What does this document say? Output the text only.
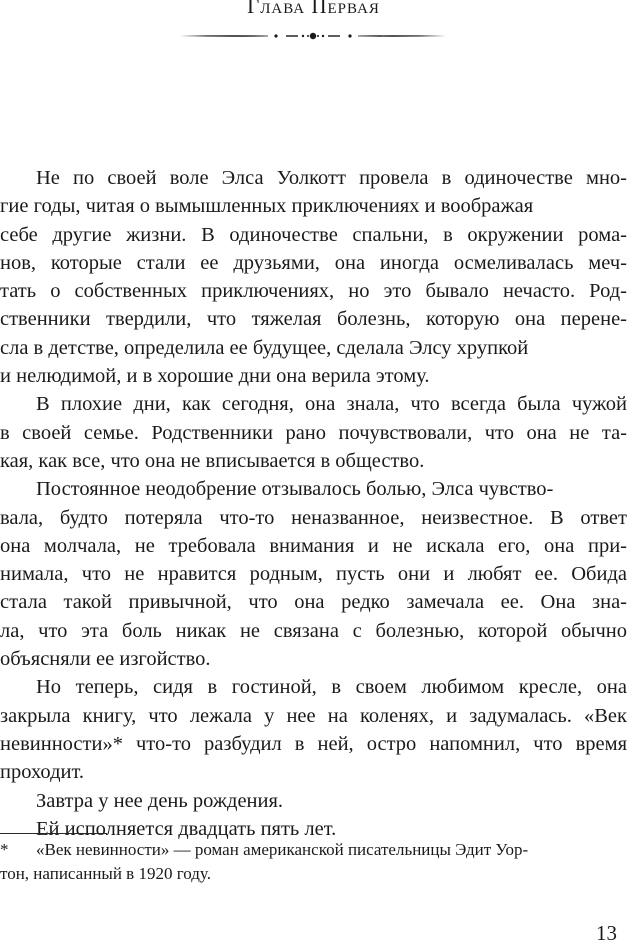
Глава Первая
Не по своей воле Элса Уолкотт провела в одиночестве мно-
гие годы, читая о вымышленных приключениях и воображая
себе другие жизни. В одиночестве спальни, в окружении рома-
нов, которые стали ее друзьями, она иногда осмеливалась меч-
тать о собственных приключениях, но это бывало нечасто. Род-
ственники твердили, что тяжелая болезнь, которую она перене-
сла в детстве, определила ее будущее, сделала Элсу хрупкой
и нелюдимой, и в хорошие дни она верила этому.
В плохие дни, как сегодня, она знала, что всегда была чужой
в своей семье. Родственники рано почувствовали, что она не та-
кая, как все, что она не вписывается в общество.
Постоянное неодобрение отзывалось болью, Элса чувство-
вала, будто потеряла что-то неназванное, неизвестное. В ответ
она молчала, не требовала внимания и не искала его, она при-
нимала, что не нравится родным, пусть они и любят ее. Обида
стала такой привычной, что она редко замечала ее. Она зна-
ла, что эта боль никак не связана с болезнью, которой обычно
объясняли ее изгойство.
Но теперь, сидя в гостиной, в своем любимом кресле, она
закрыла книгу, что лежала у нее на коленях, и задумалась. «Век
невинности»* что-то разбудил в ней, остро напомнил, что время
проходит.
Завтра у нее день рождения.
Ей исполняется двадцать пять лет.
* «Век невинности» — роман американской писательницы Эдит Уор-
тон, написанный в 1920 году.
13
